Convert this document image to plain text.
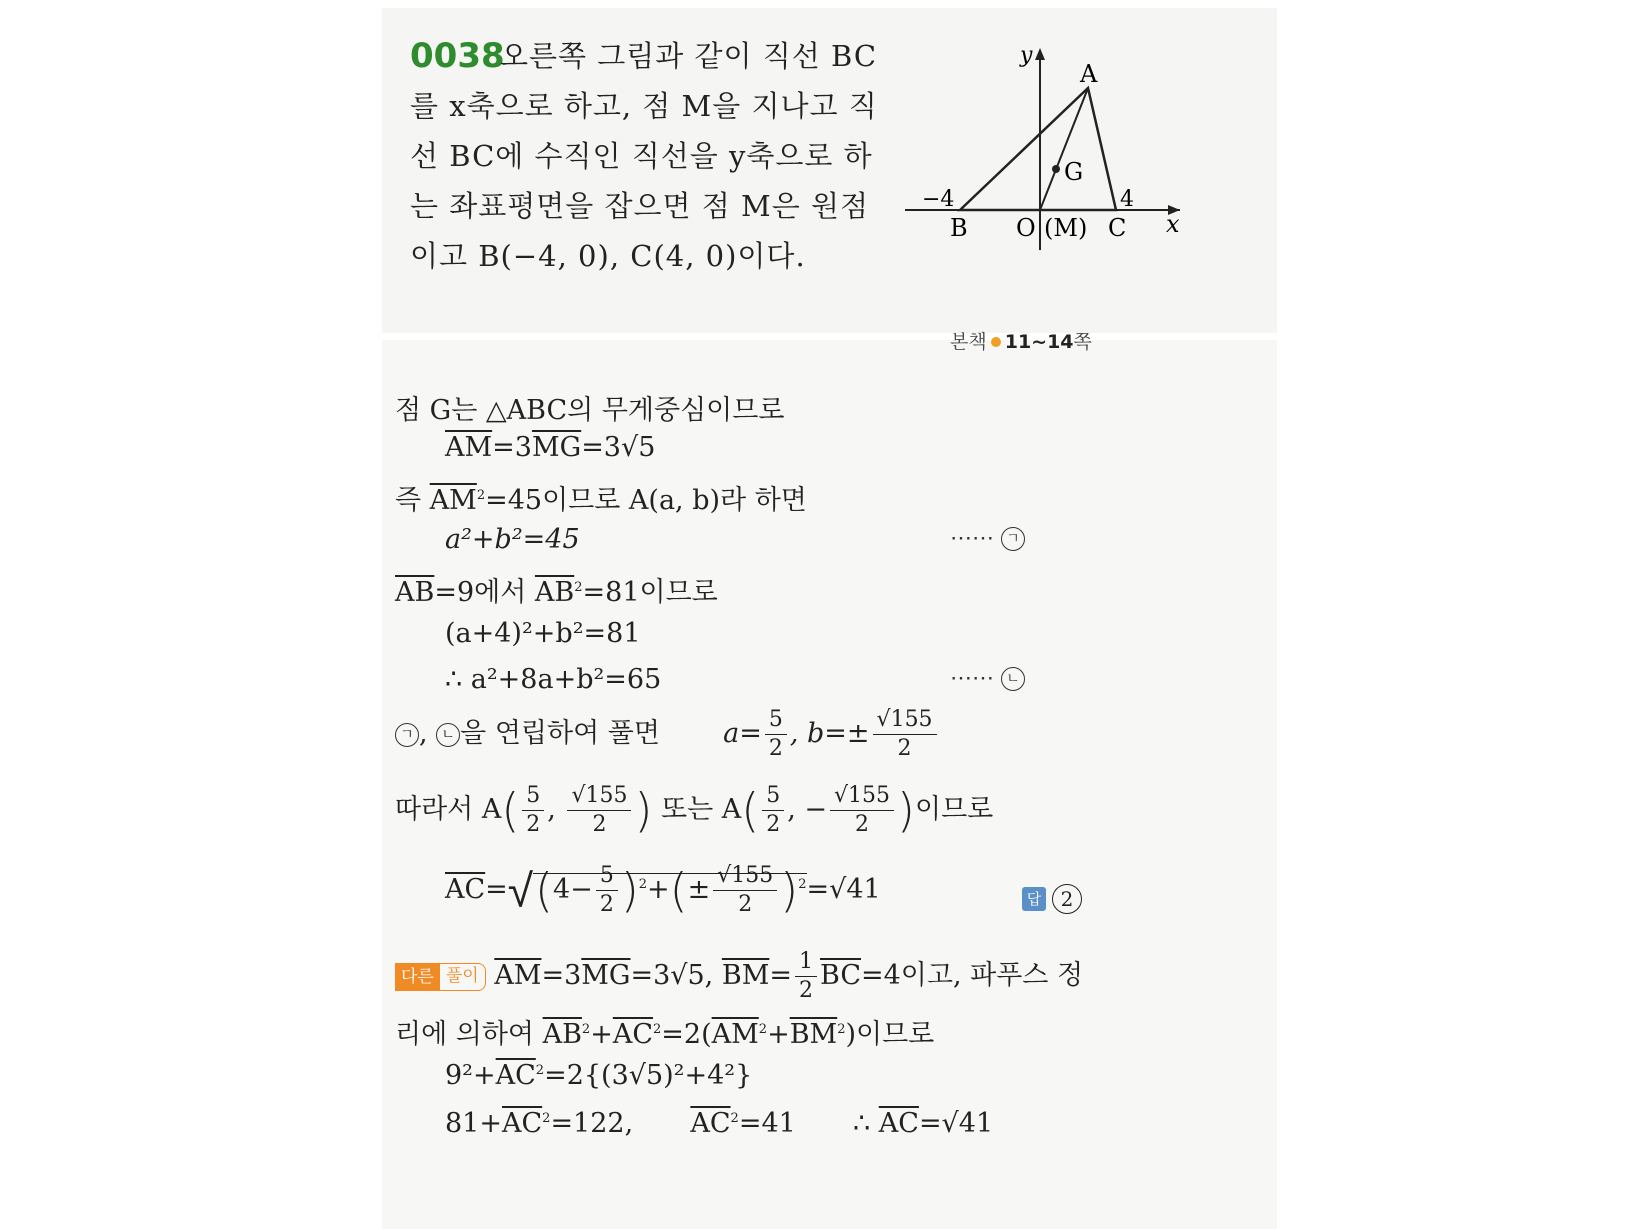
0038
오른쪽 그림과 같이 직선 BC
를 x축으로 하고, 점 M을 지나고 직
선 BC에 수직인 직선을 y축으로 하
는 좌표평면을 잡으면 점 M은 원점
이고 B(−4, 0), C(4, 0)이다.
A
G
B	C
O (M)
−4	4
x
y
본책 11~14쪽
점 G는 △ABC의 무게중심이므로
$\overline{AM}=3\overline{MG}=3√5$
즉 $\overline{AM}^2=45$이므로 A(a, b)라 하면
a²+b²=45	⋯⋯ ㄱ
$\overline{AB}=9$에서 $\overline{AB}^2=81$이므로
(a+4)²+b²=81
∴ a²+8a+b²=65	⋯⋯ ㄴ
ㄱ , ㄴ 을 연립하여 풀면 $a= \frac{5}{2}$ , $b=\pm \frac{√155}{2}$
따라서 $A( \frac{5}{2}$ , $\frac{√155}{2}$ ) 또는 $A( \frac{5}{2}$ , − $\frac{√155}{2}$ )이므로
$\overline{AC}=√(4- \frac{5}{2} )^2+(\pm \frac{√155}{2} )^2=√41$	답 2
다른 풀이 $\overline{AM}=3\overline{MG}=3√5$, $\overline{BM}= \frac{1}{2} \overline{BC}=4$이고, 파푸스 정
리에 의하여 $\overline{AB}^2+\overline{AC}^2=2(\overline{AM}^2+\overline{BM}^2)$이므로
$9^2+\overline{AC}^2=2\{(3√5)^2+4^2\}$
$81+\overline{AC}^2=122$, $\overline{AC}^2=41$ ∴ $\overline{AC}=√41$
